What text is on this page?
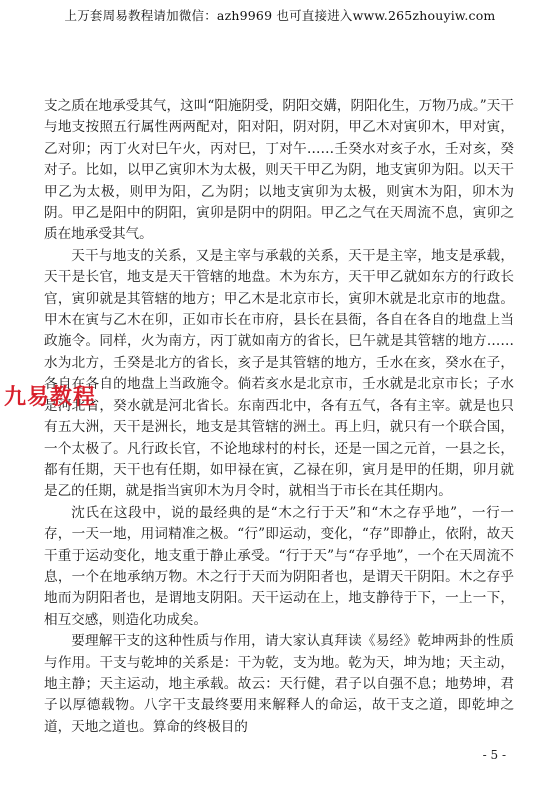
上万套周易教程请加微信：azh9969 也可直接进入www.265zhouyiw.com

支之质在地承受其气，这叫“阳施阴受，阴阳交媾，阴阳化生，万物乃成。”天干与地支按照五行属性两两配对，阳对阳，阴对阴，甲乙木对寅卯木，甲对寅，乙对卯；丙丁火对巳午火，丙对巳，丁对午……壬癸水对亥子水，壬对亥，癸对子。比如，以甲乙寅卯木为太极，则天干甲乙为阴，地支寅卯为阳。以天干甲乙为太极，则甲为阳，乙为阴；以地支寅卯为太极，则寅木为阳，卯木为阴。甲乙是阳中的阴阳，寅卯是阴中的阴阳。甲乙之气在天周流不息，寅卯之质在地承受其气。

天干与地支的关系，又是主宰与承载的关系，天干是主宰，地支是承载，天干是长官，地支是天干管辖的地盘。木为东方，天干甲乙就如东方的行政长官，寅卯就是其管辖的地方；甲乙木是北京市长，寅卯木就是北京市的地盘。甲木在寅与乙木在卯，正如市长在市府，县长在县衙，各自在各自的地盘上当政施令。同样，火为南方，丙丁就如南方的省长，巳午就是其管辖的地方……水为北方，壬癸是北方的省长，亥子是其管辖的地方，壬水在亥，癸水在子，各自在各自的地盘上当政施令。倘若亥水是北京市，壬水就是北京市长；子水是河北省，癸水就是河北省长。东南西北中，各有五气，各有主宰。就是也只有五大洲，天干是洲长，地支是其管辖的洲土。再上归，就只有一个联合国，一个太极了。凡行政长官，不论地球村的村长，还是一国之元首，一县之长，都有任期，天干也有任期，如甲禄在寅，乙禄在卯，寅月是甲的任期，卯月就是乙的任期，就是指当寅卯木为月令时，就相当于市长在其任期内。

沈氏在这段中，说的最经典的是“木之行于天”和“木之存乎地”，一行一存，一天一地，用词精准之极。“行”即运动，变化，“存”即静止，依附，故天干重于运动变化，地支重于静止承受。“行于天”与“存乎地”，一个在天周流不息，一个在地承纳万物。木之行于天而为阴阳者也，是谓天干阴阳。木之存乎地而为阴阳者也，是谓地支阴阳。天干运动在上，地支静待于下，一上一下，相互交感，则造化功成矣。

要理解干支的这种性质与作用，请大家认真拜读《易经》乾坤两卦的性质与作用。干支与乾坤的关系是：干为乾，支为地。乾为天，坤为地；天主动，地主静；天主运动，地主承载。故云：天行健，君子以自强不息；地势坤，君子以厚德载物。八字干支最终要用来解释人的命运，故干支之道，即乾坤之道，天地之道也。算命的终极目的

九易教程
- 5 -
